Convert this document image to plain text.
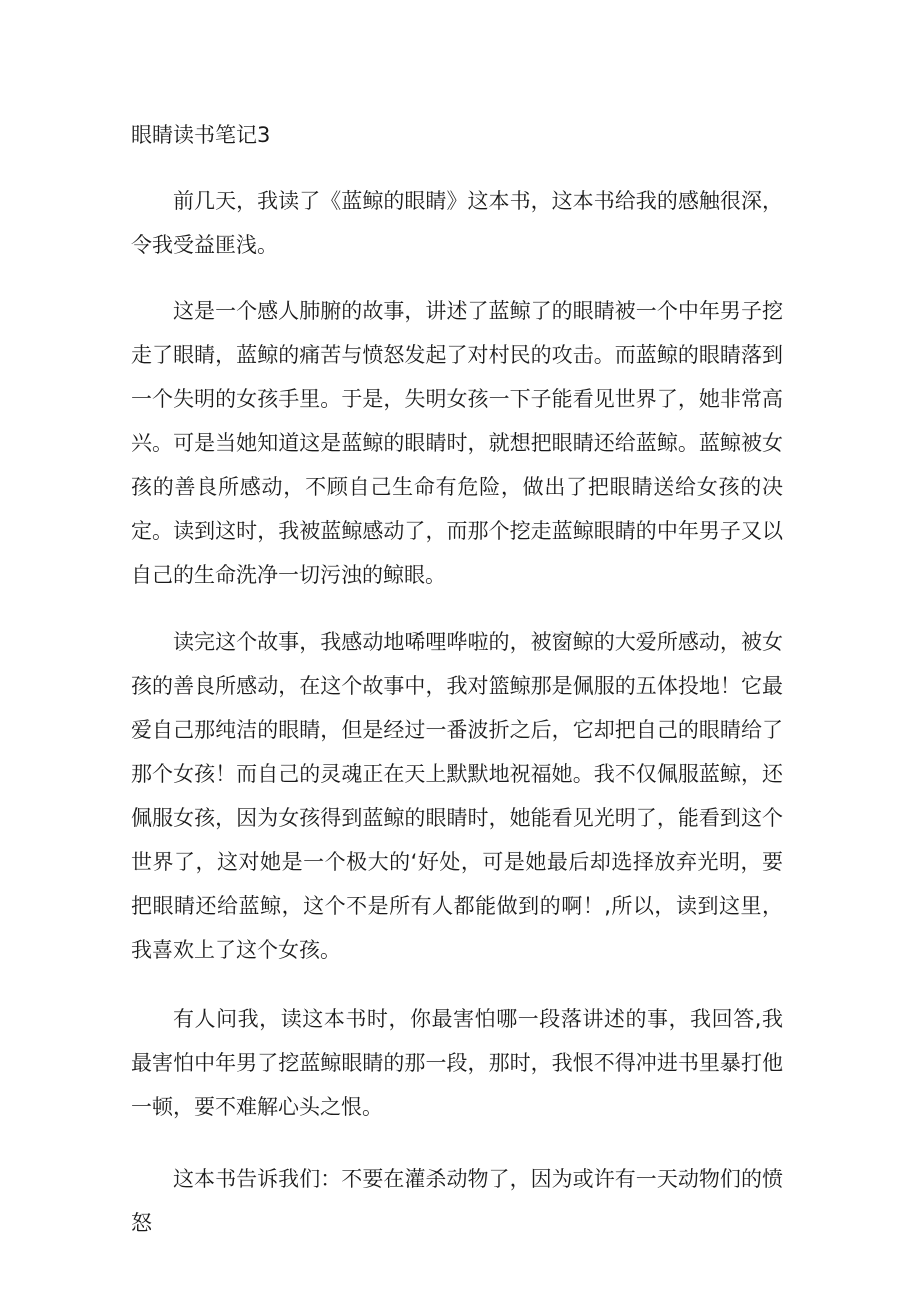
眼睛读书笔记3

前几天，我读了《蓝鲸的眼睛》这本书，这本书给我的感触很深，令我受益匪浅。

这是一个感人肺腑的故事，讲述了蓝鲸了的眼睛被一个中年男子挖走了眼睛，蓝鲸的痛苦与愤怒发起了对村民的攻击。而蓝鲸的眼睛落到一个失明的女孩手里。于是，失明女孩一下子能看见世界了，她非常高兴。可是当她知道这是蓝鲸的眼睛时，就想把眼睛还给蓝鲸。蓝鲸被女孩的善良所感动，不顾自己生命有危险，做出了把眼睛送给女孩的决定。读到这时，我被蓝鲸感动了，而那个挖走蓝鲸眼睛的中年男子又以自己的生命洗净一切污浊的鲸眼。

读完这个故事，我感动地唏哩哗啦的，被窗鲸的大爱所感动，被女孩的善良所感动，在这个故事中，我对篮鲸那是佩服的五体投地！它最爱自己那纯洁的眼睛，但是经过一番波折之后，它却把自己的眼睛给了那个女孩！而自己的灵魂正在天上默默地祝福她。我不仅佩服蓝鲸，还佩服女孩，因为女孩得到蓝鲸的眼睛时，她能看见光明了，能看到这个世界了，这对她是一个极大的‘好处，可是她最后却选择放弃光明，要把眼睛还给蓝鲸，这个不是所有人都能做到的啊！,所以，读到这里，我喜欢上了这个女孩。

有人问我，读这本书时，你最害怕哪一段落讲述的事，我回答,我最害怕中年男了挖蓝鲸眼睛的那一段，那时，我恨不得冲进书里暴打他一顿，要不难解心头之恨。

这本书告诉我们：不要在灌杀动物了，因为或许有一天动物们的愤怒
